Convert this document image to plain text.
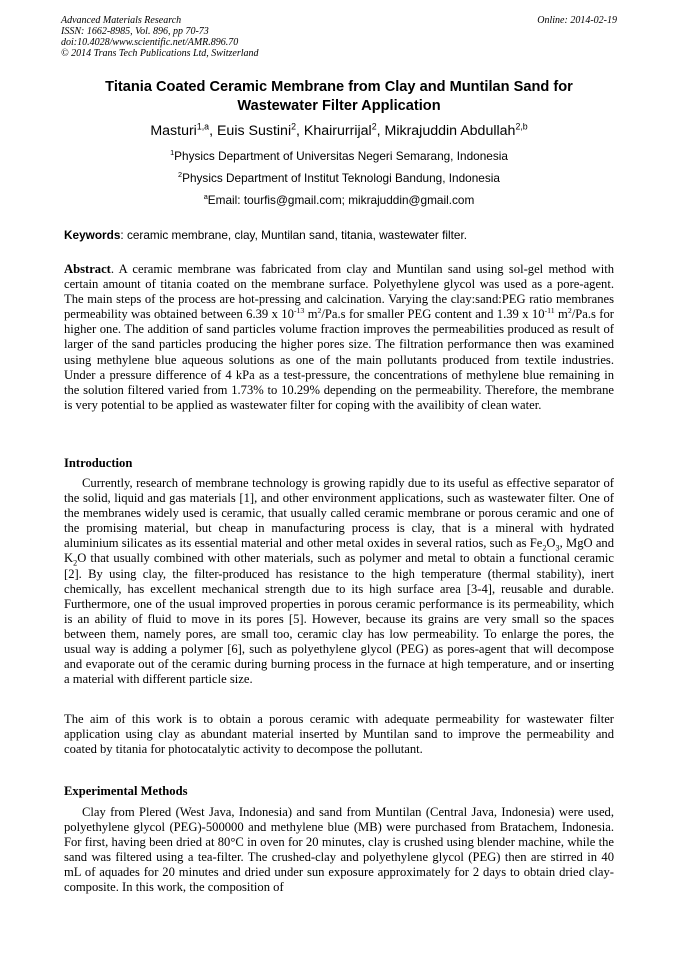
Advanced Materials Research	Online: 2014-02-19
ISSN: 1662-8985, Vol. 896, pp 70-73
doi:10.4028/www.scientific.net/AMR.896.70
© 2014 Trans Tech Publications Ltd, Switzerland
Titania Coated Ceramic Membrane from Clay and Muntilan Sand for
Wastewater Filter Application
Masturi$^{1,a}$, Euis Sustini$^2$, Khairurrijal$^2$, Mikrajuddin Abdullah$^{2,b}$
$^1$Physics Department of Universitas Negeri Semarang, Indonesia
$^2$Physics Department of Institut Teknologi Bandung, Indonesia
$^a$Email: tourfis@gmail.com; mikrajuddin@gmail.com
Keywords: ceramic membrane, clay, Muntilan sand, titania, wastewater filter.
Abstract. A ceramic membrane was fabricated from clay and Muntilan sand using sol-gel method with certain amount of titania coated on the membrane surface. Polyethylene glycol was used as a pore-agent. The main steps of the process are hot-pressing and calcination. Varying the clay:sand:PEG ratio membranes permeability was obtained between 6.39 x $10^{-13}$ $m^2/Pa.s$ for smaller PEG content and 1.39 x $10^{-11}$ $m^2/Pa.s$ for higher one. The addition of sand particles volume fraction improves the permeabilities produced as result of larger of the sand particles producing the higher pores size. The filtration performance then was examined using methylene blue aqueous solutions as one of the main pollutants produced from textile industries. Under a pressure difference of 4 kPa as a test-pressure, the concentrations of methylene blue remaining in the solution filtered varied from 1.73% to 10.29% depending on the permeability. Therefore, the membrane is very potential to be applied as wastewater filter for coping with the availibity of clean water.
Introduction
Currently, research of membrane technology is growing rapidly due to its useful as effective separator of the solid, liquid and gas materials [1], and other environment applications, such as wastewater filter. One of the membranes widely used is ceramic, that usually called ceramic membrane or porous ceramic and one of the promising material, but cheap in manufacturing process is clay, that is a mineral with hydrated aluminium silicates as its essential material and other metal oxides in several ratios, such as $Fe_2O_3$, MgO and $K_2O$ that usually combined with other materials, such as polymer and metal to obtain a functional ceramic [2]. By using clay, the filter-produced has resistance to the high temperature (thermal stability), inert chemically, has excellent mechanical strength due to its high surface area [3-4], reusable and durable. Furthermore, one of the usual improved properties in porous ceramic performance is its permeability, which is an ability of fluid to move in its pores [5]. However, because its grains are very small so the spaces between them, namely pores, are small too, ceramic clay has low permeability. To enlarge the pores, the usual way is adding a polymer [6], such as polyethylene glycol (PEG) as pores-agent that will decompose and evaporate out of the ceramic during burning process in the furnace at high temperature, and or inserting a material with different particle size.
The aim of this work is to obtain a porous ceramic with adequate permeability for wastewater filter application using clay as abundant material inserted by Muntilan sand to improve the permeability and coated by titania for photocatalytic activity to decompose the pollutant.
Experimental Methods
Clay from Plered (West Java, Indonesia) and sand from Muntilan (Central Java, Indonesia) were used, polyethylene glycol (PEG)-500000 and methylene blue (MB) were purchased from Bratachem, Indonesia. For first, having been dried at 80°C in oven for 20 minutes, clay is crushed using blender machine, while the sand was filtered using a tea-filter. The crushed-clay and polyethylene glycol (PEG) then are stirred in 40 mL of aquades for 20 minutes and dried under sun exposure approximately for 2 days to obtain dried clay-composite. In this work, the composition of
